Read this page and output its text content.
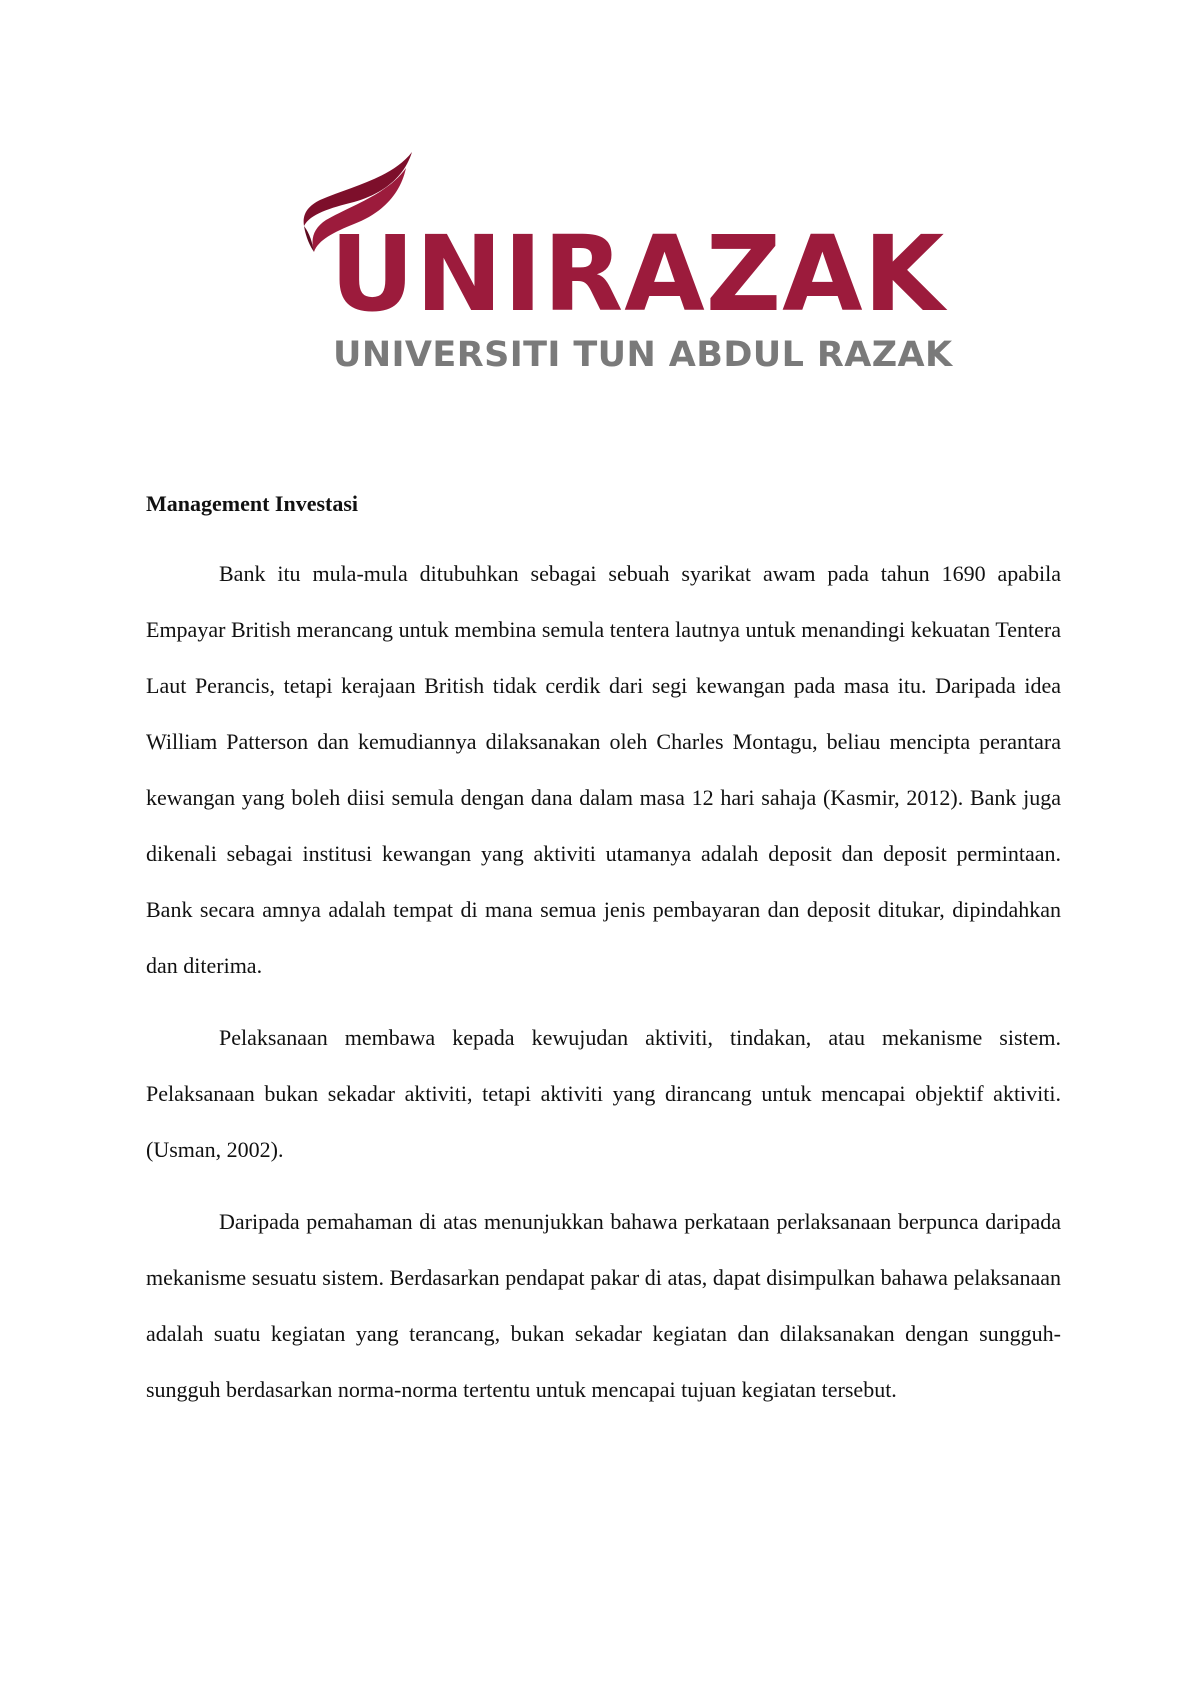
UNIRAZAK
UNIVERSITI TUN ABDUL RAZAK
Management Investasi

Bank itu mula-mula ditubuhkan sebagai sebuah syarikat awam pada tahun 1690 apabila Empayar British merancang untuk membina semula tentera lautnya untuk menandingi kekuatan Tentera Laut Perancis, tetapi kerajaan British tidak cerdik dari segi kewangan pada masa itu. Daripada idea William Patterson dan kemudiannya dilaksanakan oleh Charles Montagu, beliau mencipta perantara kewangan yang boleh diisi semula dengan dana dalam masa 12 hari sahaja (Kasmir, 2012). Bank juga dikenali sebagai institusi kewangan yang aktiviti utamanya adalah deposit dan deposit permintaan. Bank secara amnya adalah tempat di mana semua jenis pembayaran dan deposit ditukar, dipindahkan dan diterima.

Pelaksanaan membawa kepada kewujudan aktiviti, tindakan, atau mekanisme sistem. Pelaksanaan bukan sekadar aktiviti, tetapi aktiviti yang dirancang untuk mencapai objektif aktiviti. (Usman, 2002).

Daripada pemahaman di atas menunjukkan bahawa perkataan perlaksanaan berpunca daripada mekanisme sesuatu sistem. Berdasarkan pendapat pakar di atas, dapat disimpulkan bahawa pelaksanaan adalah suatu kegiatan yang terancang, bukan sekadar kegiatan dan dilaksanakan dengan sungguh-sungguh berdasarkan norma-norma tertentu untuk mencapai tujuan kegiatan tersebut.
